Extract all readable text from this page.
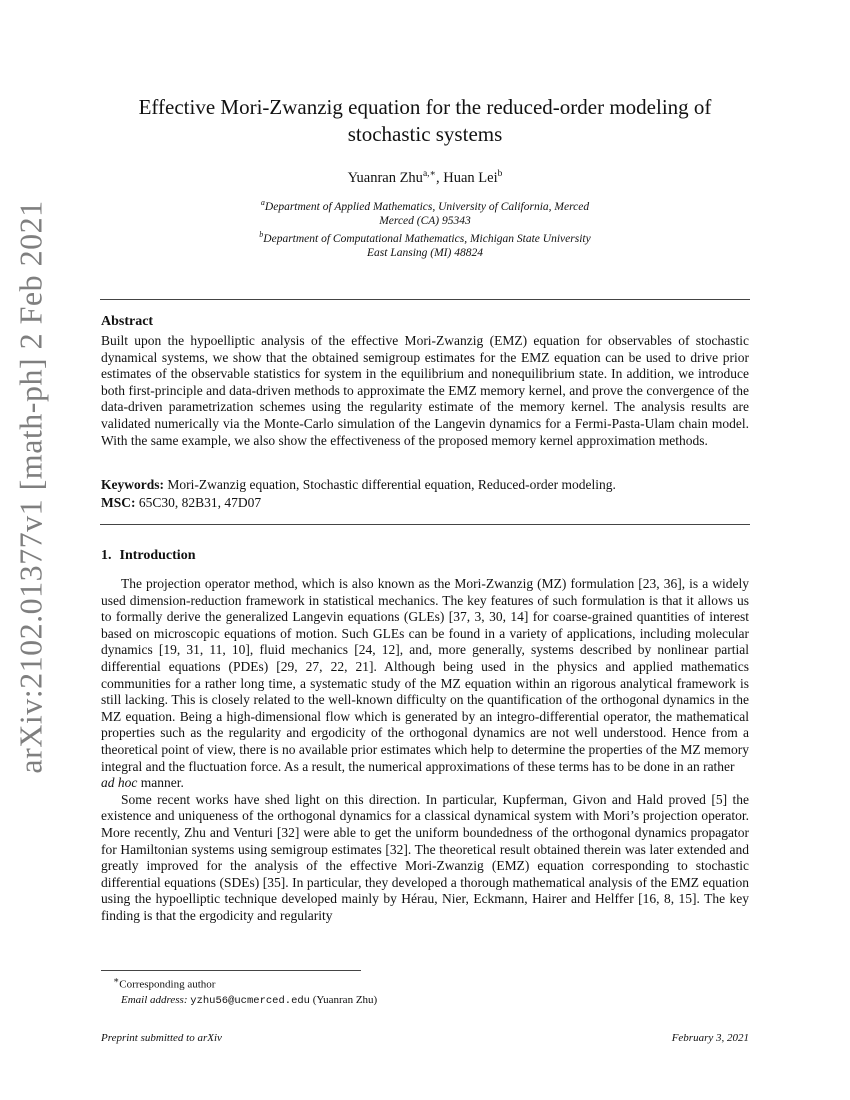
arXiv:2102.01377v1 [math-ph] 2 Feb 2021
Effective Mori-Zwanzig equation for the reduced-order modeling of
stochastic systems
Yuanran Zhu$^{a,∗}$, Huan Lei$^b$
$^a$Department of Applied Mathematics, University of California, Merced
Merced (CA) 95343
$^b$Department of Computational Mathematics, Michigan State University
East Lansing (MI) 48824
Abstract
Built upon the hypoelliptic analysis of the effective Mori-Zwanzig (EMZ) equation for observables of stochastic dynamical systems, we show that the obtained semigroup estimates for the EMZ equation can be used to drive prior estimates of the observable statistics for system in the equilibrium and nonequilibrium state. In addition, we introduce both first-principle and data-driven methods to approximate the EMZ memory kernel, and prove the convergence of the data-driven parametrization schemes using the regularity estimate of the memory kernel. The analysis results are validated numerically via the Monte-Carlo simulation of the Langevin dynamics for a Fermi-Pasta-Ulam chain model. With the same example, we also show the effectiveness of the proposed memory kernel approximation methods.
Keywords: Mori-Zwanzig equation, Stochastic differential equation, Reduced-order modeling.
MSC: 65C30, 82B31, 47D07
1. Introduction

The projection operator method, which is also known as the Mori-Zwanzig (MZ) formulation [23, 36], is a widely used dimension-reduction framework in statistical mechanics. The key features of such formulation is that it allows us to formally derive the generalized Langevin equations (GLEs) [37, 3, 30, 14] for coarse-grained quantities of interest based on microscopic equations of motion. Such GLEs can be found in a variety of applications, including molecular dynamics [19, 31, 11, 10], fluid mechanics [24, 12], and, more generally, systems described by nonlinear partial differential equations (PDEs) [29, 27, 22, 21]. Although being used in the physics and applied mathematics communities for a rather long time, a systematic study of the MZ equation within an rigorous analytical framework is still lacking. This is closely related to the well-known difficulty on the quantification of the orthogonal dynamics in the MZ equation. Being a high-dimensional flow which is generated by an integro-differential operator, the mathematical properties such as the regularity and ergodicity of the orthogonal dynamics are not well understood. Hence from a theoretical point of view, there is no available prior estimates which help to determine the properties of the MZ memory integral and the fluctuation force. As a result, the numerical approximations of these terms has to be done in an rather
ad hoc manner.

Some recent works have shed light on this direction. In particular, Kupferman, Givon and Hald proved [5] the existence and uniqueness of the orthogonal dynamics for a classical dynamical system with Mori’s projection operator. More recently, Zhu and Venturi [32] were able to get the uniform boundedness of the orthogonal dynamics propagator for Hamiltonian systems using semigroup estimates [32]. The theoretical result obtained therein was later extended and greatly improved for the analysis of the effective Mori-Zwanzig (EMZ) equation corresponding to stochastic differential equations (SDEs) [35]. In particular, they developed a thorough mathematical analysis of the EMZ equation using the hypoelliptic technique developed mainly by Hérau, Nier, Eckmann, Hairer and Helffer [16, 8, 15]. The key finding is that the ergodicity and regularity

∗Corresponding author
Email address: yzhu56@ucmerced.edu (Yuanran Zhu)
Preprint submitted to arXiv	February 3, 2021
